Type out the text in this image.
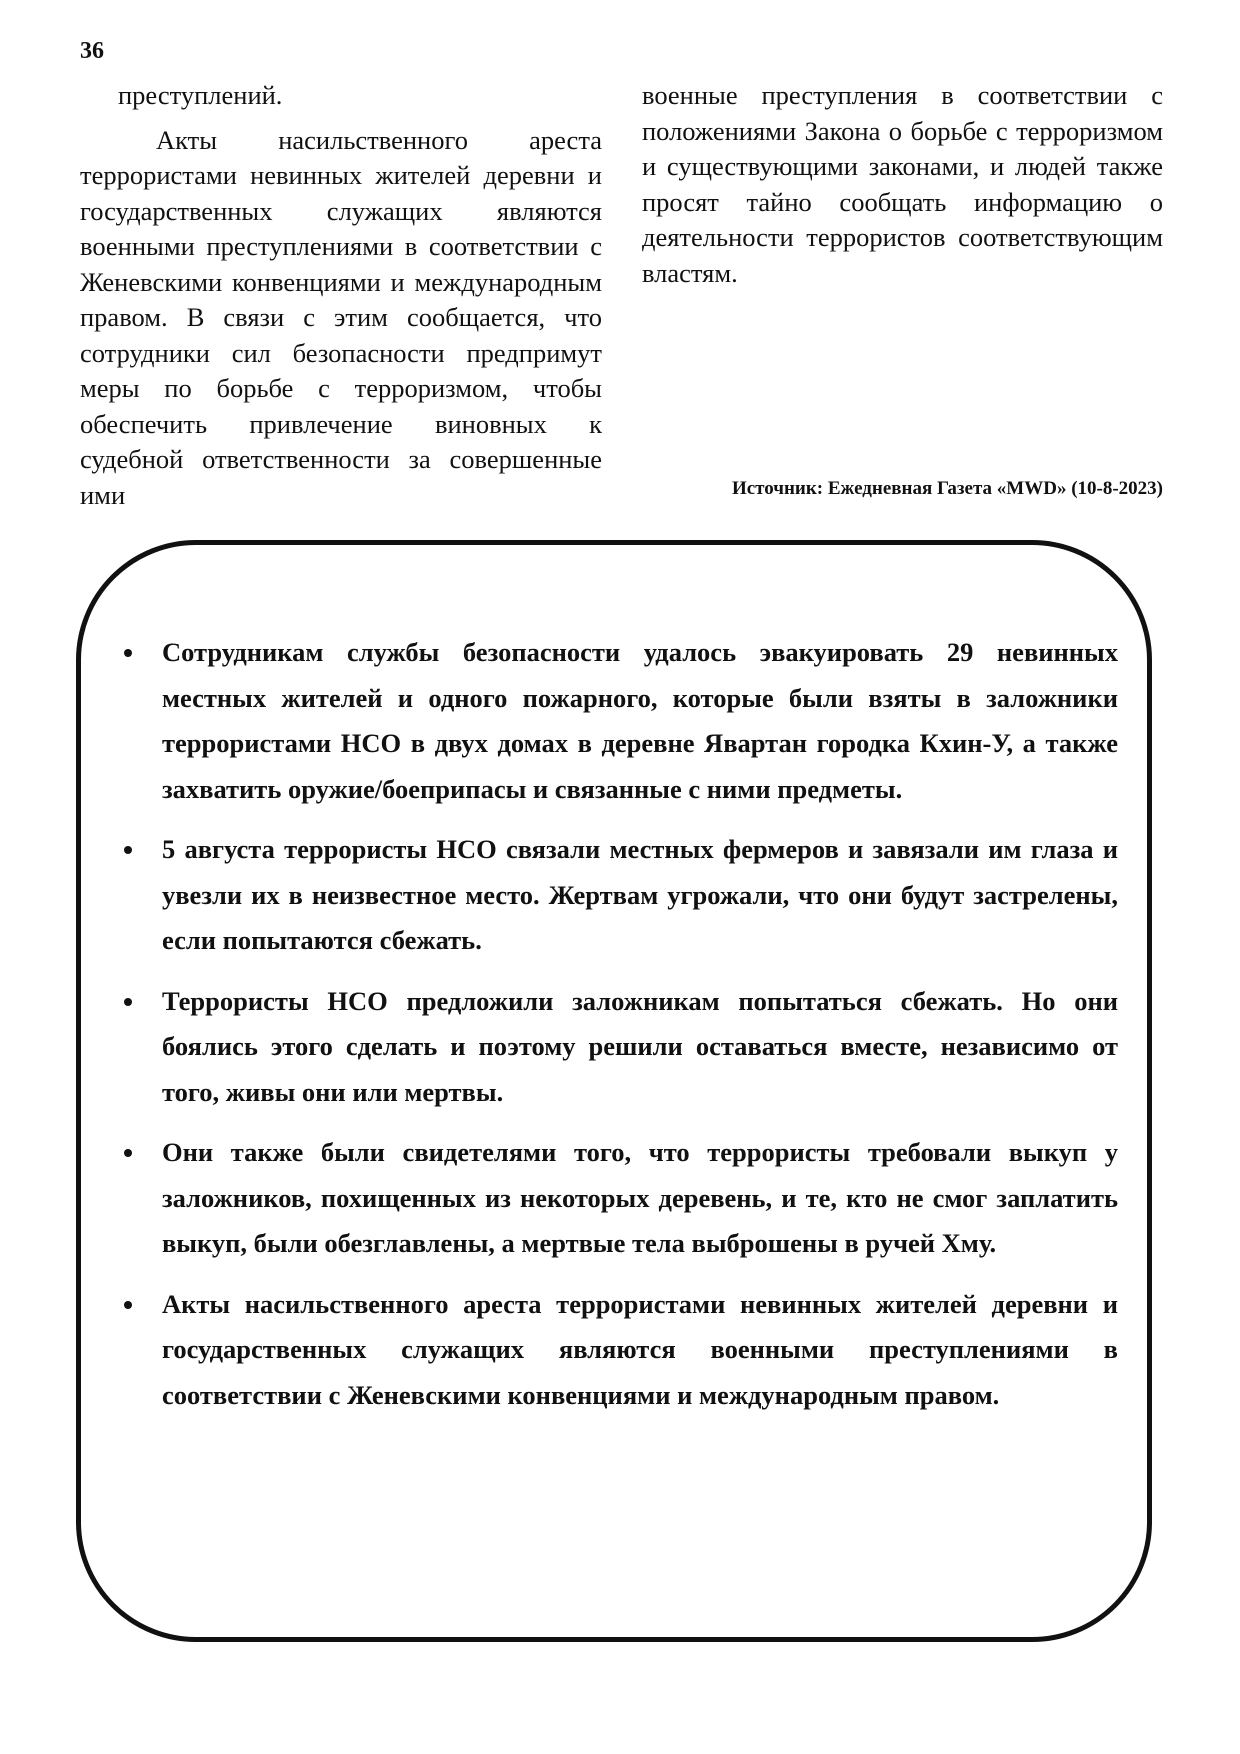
36

преступлений.

Акты насильственного ареста террористами невинных жителей деревни и государственных служащих являются военными преступлениями в соответствии с Женевскими конвенциями и международным правом. В связи с этим сообщается, что сотрудники сил безопасности предпримут меры по борьбе с терроризмом, чтобы обеспечить привлечение виновных к судебной ответственности за совершенные ими

военные преступления в соответствии с положениями Закона о борьбе с терроризмом и существующими законами, и людей также просят тайно сообщать информацию о деятельности террористов соответствующим властям.

Источник: Ежедневная Газета «MWD» (10-8-2023)
Сотрудникам службы безопасности удалось эвакуировать 29 невинных местных жителей и одного пожарного, которые были взяты в заложники террористами НСО в двух домах в деревне Явартан городка Кхин-У, а также захватить оружие/боеприпасы и связанные с ними предметы.
5 августа террористы НСО связали местных фермеров и завязали им глаза и увезли их в неизвестное место. Жертвам угрожали, что они будут застрелены, если попытаются сбежать.
Террористы НСО предложили заложникам попытаться сбежать. Но они боялись этого сделать и поэтому решили оставаться вместе, независимо от того, живы они или мертвы.
Они также были свидетелями того, что террористы требовали выкуп у заложников, похищенных из некоторых деревень, и те, кто не смог заплатить выкуп, были обезглавлены, а мертвые тела выброшены в ручей Хму.
Акты насильственного ареста террористами невинных жителей деревни и государственных служащих являются военными преступлениями в соответствии с Женевскими конвенциями и международным правом.
